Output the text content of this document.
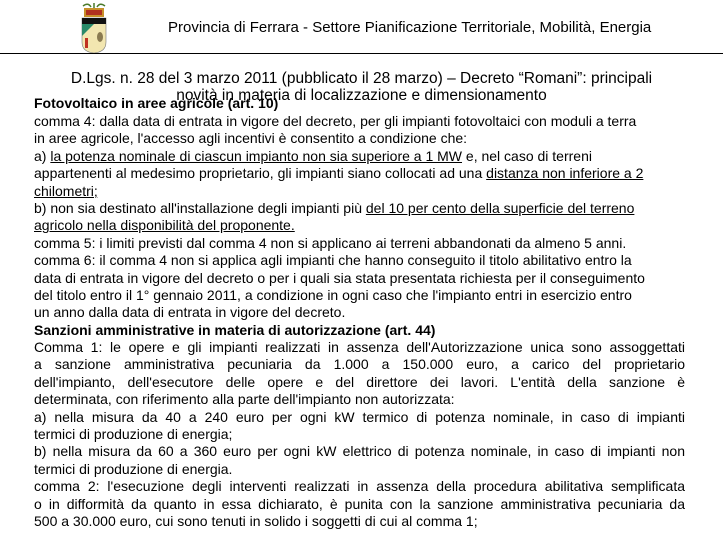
Provincia di Ferrara - Settore Pianificazione Territoriale, Mobilità, Energia
D.Lgs. n. 28 del 3 marzo 2011 (pubblicato il 28 marzo) – Decreto “Romani”: principali
novità in materia di localizzazione e dimensionamento
Fotovoltaico in aree agricole (art. 10)
comma 4: dalla data di entrata in vigore del decreto, per gli impianti fotovoltaici con moduli a terra
in aree agricole, l'accesso agli incentivi è consentito a condizione che:
a) la potenza nominale di ciascun impianto non sia superiore a 1 MW e, nel caso di terreni
appartenenti al medesimo proprietario, gli impianti siano collocati ad una distanza non inferiore a 2
chilometri;
b) non sia destinato all'installazione degli impianti più del 10 per cento della superficie del terreno
agricolo nella disponibilità del proponente.
comma 5: i limiti previsti dal comma 4 non si applicano ai terreni abbandonati da almeno 5 anni.
comma 6: il comma 4 non si applica agli impianti che hanno conseguito il titolo abilitativo entro la
data di entrata in vigore del decreto o per i quali sia stata presentata richiesta per il conseguimento
del titolo entro il 1° gennaio 2011, a condizione in ogni caso che l'impianto entri in esercizio entro
un anno dalla data di entrata in vigore del decreto.
Sanzioni amministrative in materia di autorizzazione (art. 44)
Comma 1: le opere e gli impianti realizzati in assenza dell'Autorizzazione unica sono assoggettati
a sanzione amministrativa pecuniaria da 1.000 a 150.000 euro, a carico del proprietario
dell'impianto, dell'esecutore delle opere e del direttore dei lavori. L'entità della sanzione è
determinata, con riferimento alla parte dell'impianto non autorizzata:
a) nella misura da 40 a 240 euro per ogni kW termico di potenza nominale, in caso di impianti
termici di produzione di energia;
b) nella misura da 60 a 360 euro per ogni kW elettrico di potenza nominale, in caso di impianti non
termici di produzione di energia.
comma 2: l'esecuzione degli interventi realizzati in assenza della procedura abilitativa semplificata
o in difformità da quanto in essa dichiarato, è punita con la sanzione amministrativa pecuniaria da
500 a 30.000 euro, cui sono tenuti in solido i soggetti di cui al comma 1;
